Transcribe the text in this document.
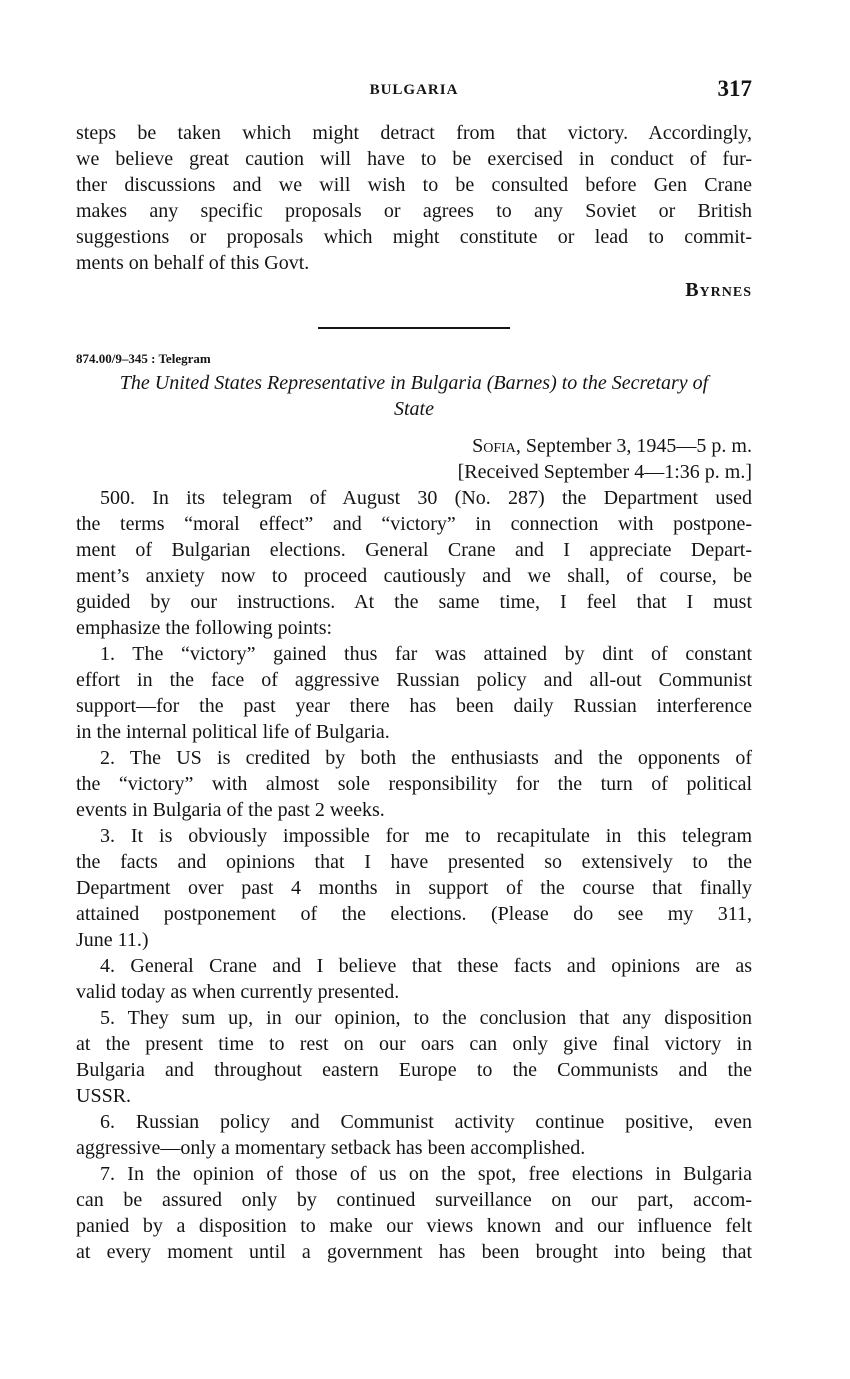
BULGARIA	317

steps be taken which might detract from that victory. Accordingly,

we believe great caution will have to be exercised in conduct of fur-

ther discussions and we will wish to be consulted before Gen Crane

makes any specific proposals or agrees to any Soviet or British

suggestions or proposals which might constitute or lead to commit-

ments on behalf of this Govt.

Byrnes

874.00/9–345 : Telegram

The United States Representative in Bulgaria (Barnes) to the Secretary of State

Sofia, September 3, 1945—5 p. m.

[Received September 4—1:36 p. m.]

500. In its telegram of August 30 (No. 287) the Department used

the terms “moral effect” and “victory” in connection with postpone-

ment of Bulgarian elections. General Crane and I appreciate Depart-

ment’s anxiety now to proceed cautiously and we shall, of course, be

guided by our instructions. At the same time, I feel that I must

emphasize the following points:

1. The “victory” gained thus far was attained by dint of constant

effort in the face of aggressive Russian policy and all-out Communist

support—for the past year there has been daily Russian interference

in the internal political life of Bulgaria.

2. The US is credited by both the enthusiasts and the opponents of

the “victory” with almost sole responsibility for the turn of political

events in Bulgaria of the past 2 weeks.

3. It is obviously impossible for me to recapitulate in this telegram

the facts and opinions that I have presented so extensively to the

Department over past 4 months in support of the course that finally

attained postponement of the elections. (Please do see my 311,

June 11.)

4. General Crane and I believe that these facts and opinions are as

valid today as when currently presented.

5. They sum up, in our opinion, to the conclusion that any disposition

at the present time to rest on our oars can only give final victory in

Bulgaria and throughout eastern Europe to the Communists and the

USSR.

6. Russian policy and Communist activity continue positive, even

aggressive—only a momentary setback has been accomplished.

7. In the opinion of those of us on the spot, free elections in Bulgaria

can be assured only by continued surveillance on our part, accom-

panied by a disposition to make our views known and our influence felt

at every moment until a government has been brought into being that
